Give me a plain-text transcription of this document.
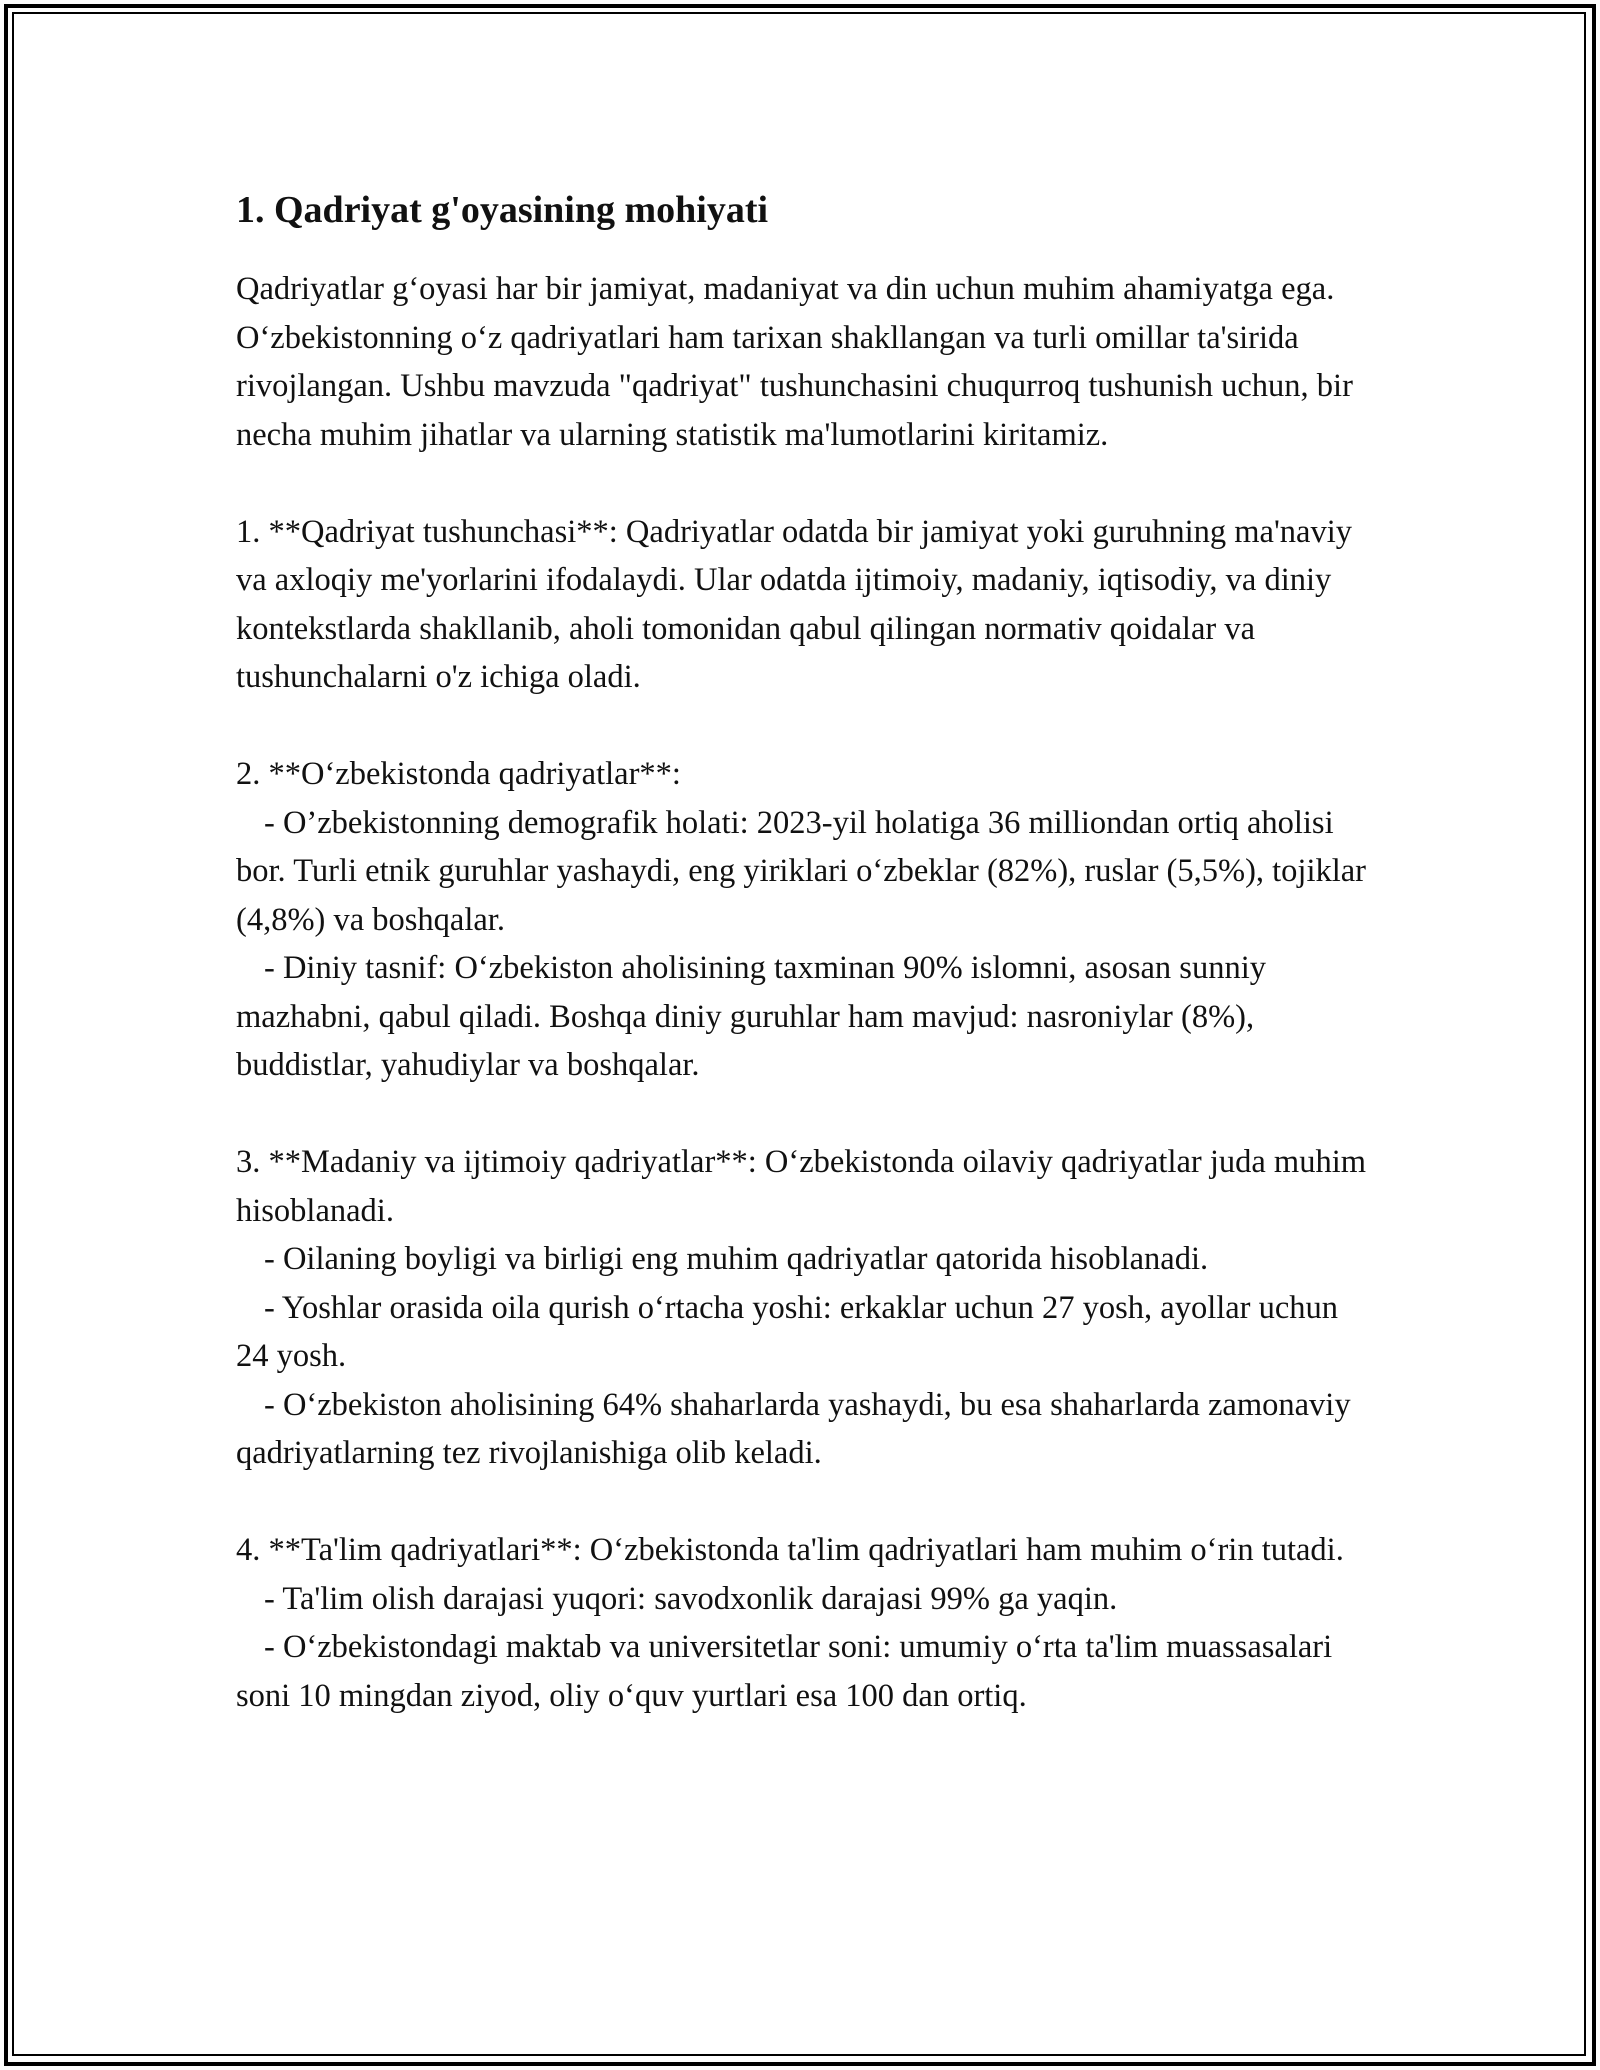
1. Qadriyat g'oyasining mohiyati

Qadriyatlar g‘oyasi har bir jamiyat, madaniyat va din uchun muhim ahamiyatga ega. O‘zbekistonning o‘z qadriyatlari ham tarixan shakllangan va turli omillar ta'sirida rivojlangan. Ushbu mavzuda "qadriyat" tushunchasini chuqurroq tushunish uchun, bir necha muhim jihatlar va ularning statistik ma'lumotlarini kiritamiz.

1. **Qadriyat tushunchasi**: Qadriyatlar odatda bir jamiyat yoki guruhning ma'naviy va axloqiy me'yorlarini ifodalaydi. Ular odatda ijtimoiy, madaniy, iqtisodiy, va diniy kontekstlarda shakllanib, aholi tomonidan qabul qilingan normativ qoidalar va tushunchalarni o'z ichiga oladi.
2. **O‘zbekistonda qadriyatlar**:
- O’zbekistonning demografik holati: 2023-yil holatiga 36 milliondan ortiq aholisi bor. Turli etnik guruhlar yashaydi, eng yiriklari o‘zbeklar (82%), ruslar (5,5%), tojiklar (4,8%) va boshqalar.
- Diniy tasnif: O‘zbekiston aholisining taxminan 90% islomni, asosan sunniy mazhabni, qabul qiladi. Boshqa diniy guruhlar ham mavjud: nasroniylar (8%), buddistlar, yahudiylar va boshqalar.
3. **Madaniy va ijtimoiy qadriyatlar**: O‘zbekistonda oilaviy qadriyatlar juda muhim hisoblanadi.
- Oilaning boyligi va birligi eng muhim qadriyatlar qatorida hisoblanadi.
- Yoshlar orasida oila qurish o‘rtacha yoshi: erkaklar uchun 27 yosh, ayollar uchun 24 yosh.
- O‘zbekiston aholisining 64% shaharlarda yashaydi, bu esa shaharlarda zamonaviy qadriyatlarning tez rivojlanishiga olib keladi.
4. **Ta'lim qadriyatlari**: O‘zbekistonda ta'lim qadriyatlari ham muhim o‘rin tutadi.
- Ta'lim olish darajasi yuqori: savodxonlik darajasi 99% ga yaqin.
- O‘zbekistondagi maktab va universitetlar soni: umumiy o‘rta ta'lim muassasalari soni 10 mingdan ziyod, oliy o‘quv yurtlari esa 100 dan ortiq.
